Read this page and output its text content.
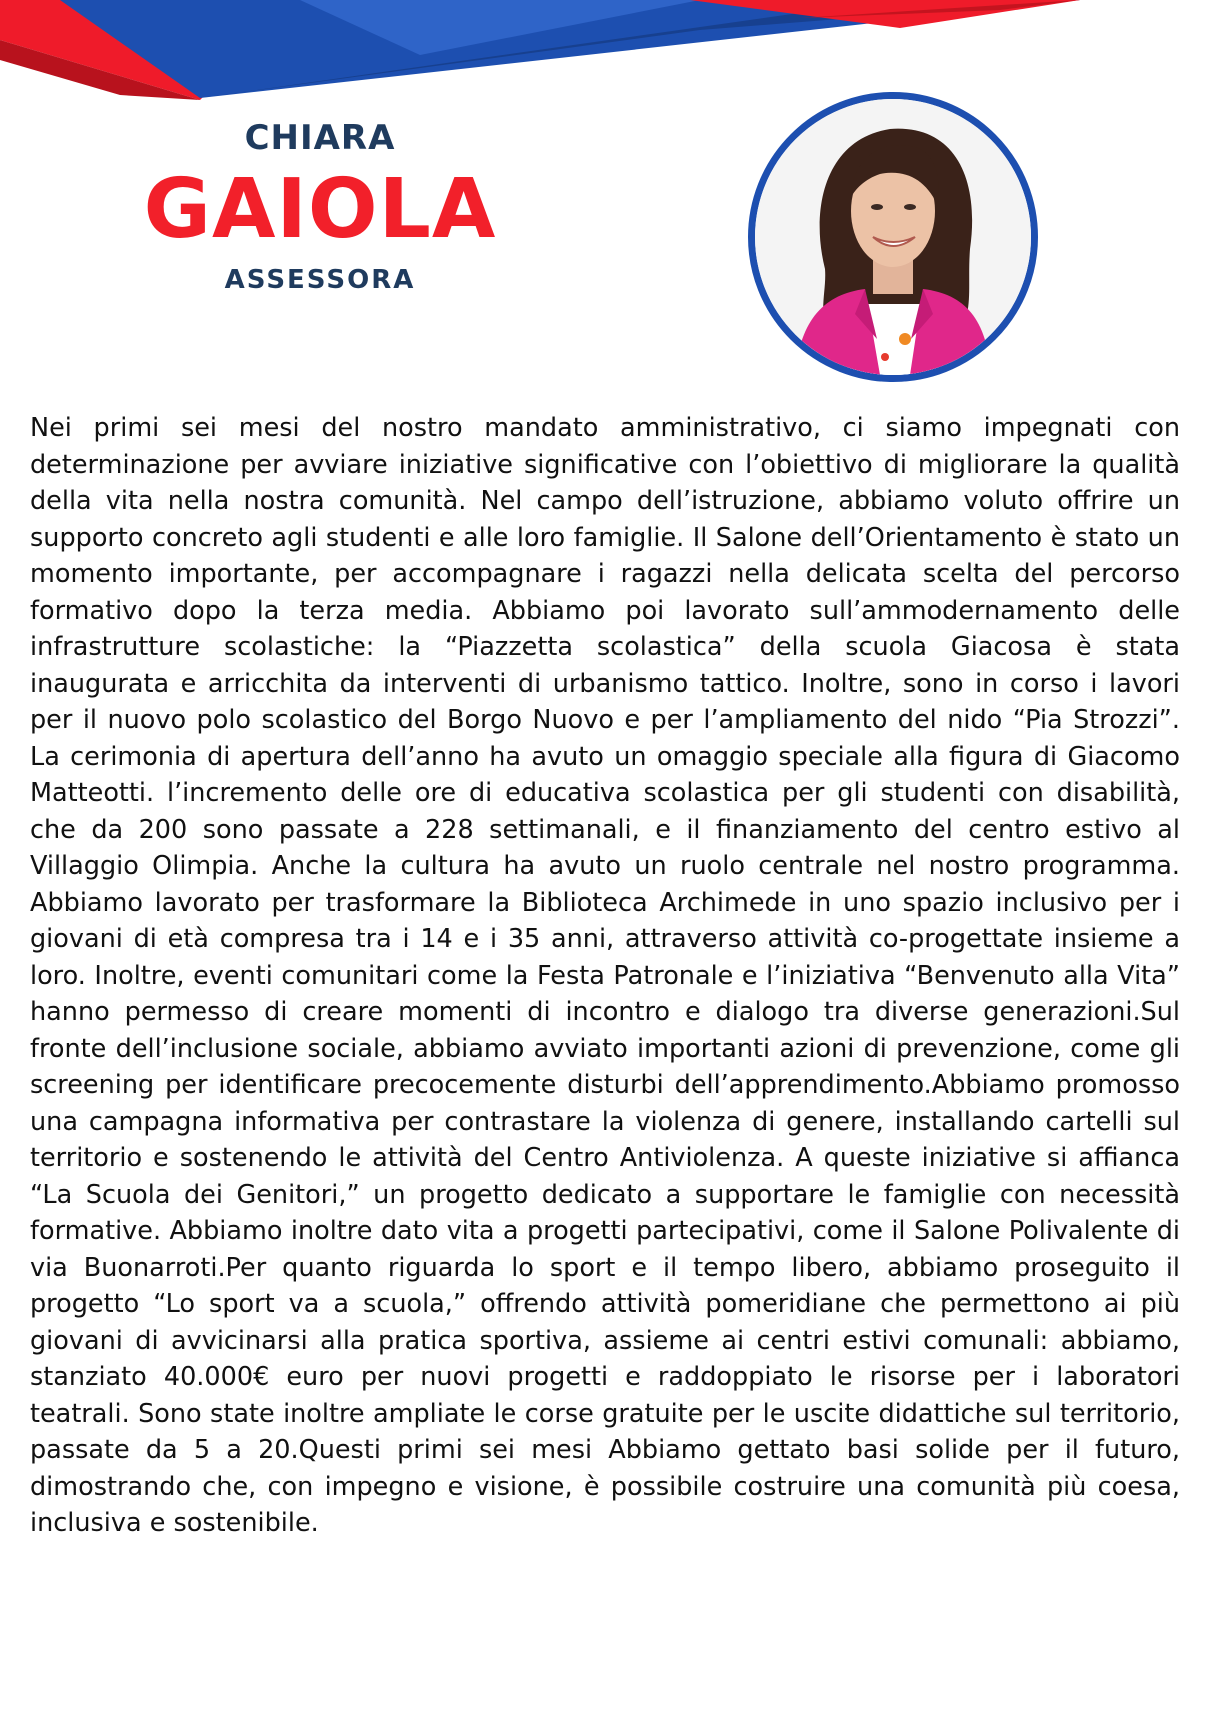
CHIARA
GAIOLA
ASSESSORA

Nei primi sei mesi del nostro mandato amministrativo, ci siamo impegnati con determinazione per avviare iniziative significative con l’obiettivo di migliorare la qualità della vita nella nostra comunità. Nel campo dell’istruzione, abbiamo voluto offrire un supporto concreto agli studenti e alle loro famiglie. Il Salone dell’Orientamento è stato un momento importante, per accompagnare i ragazzi nella delicata scelta del percorso formativo dopo la terza media. Abbiamo poi lavorato sull’ammodernamento delle infrastrutture scolastiche: la “Piazzetta scolastica” della scuola Giacosa è stata inaugurata e arricchita da interventi di urbanismo tattico. Inoltre, sono in corso i lavori per il nuovo polo scolastico del Borgo Nuovo e per l’ampliamento del nido “Pia Strozzi”. La cerimonia di apertura dell’anno ha avuto un omaggio speciale alla figura di Giacomo Matteotti. l’incremento delle ore di educativa scolastica per gli studenti con disabilità, che da 200 sono passate a 228 settimanali, e il finanziamento del centro estivo al Villaggio Olimpia. Anche la cultura ha avuto un ruolo centrale nel nostro programma. Abbiamo lavorato per trasformare la Biblioteca Archimede in uno spazio inclusivo per i giovani di età compresa tra i 14 e i 35 anni, attraverso attività co-progettate insieme a loro. Inoltre, eventi comunitari come la Festa Patronale e l’iniziativa “Benvenuto alla Vita” hanno permesso di creare momenti di incontro e dialogo tra diverse generazioni.Sul fronte dell’inclusione sociale, abbiamo avviato importanti azioni di prevenzione, come gli screening per identificare precocemente disturbi dell’apprendimento.Abbiamo promosso una campagna informativa per contrastare la violenza di genere, installando cartelli sul territorio e sostenendo le attività del Centro Antiviolenza. A queste iniziative si affianca “La Scuola dei Genitori,” un progetto dedicato a supportare le famiglie con necessità formative. Abbiamo inoltre dato vita a progetti partecipativi, come il Salone Polivalente di via Buonarroti.Per quanto riguarda lo sport e il tempo libero, abbiamo proseguito il progetto “Lo sport va a scuola,” offrendo attività pomeridiane che permettono ai più giovani di avvicinarsi alla pratica sportiva, assieme ai centri estivi comunali: abbiamo, stanziato 40.000€ euro per nuovi progetti e raddoppiato le risorse per i laboratori teatrali. Sono state inoltre ampliate le corse gratuite per le uscite didattiche sul territorio, passate da 5 a 20.Questi primi sei mesi Abbiamo gettato basi solide per il futuro, dimostrando che, con impegno e visione, è possibile costruire una comunità più coesa, inclusiva e sostenibile.
